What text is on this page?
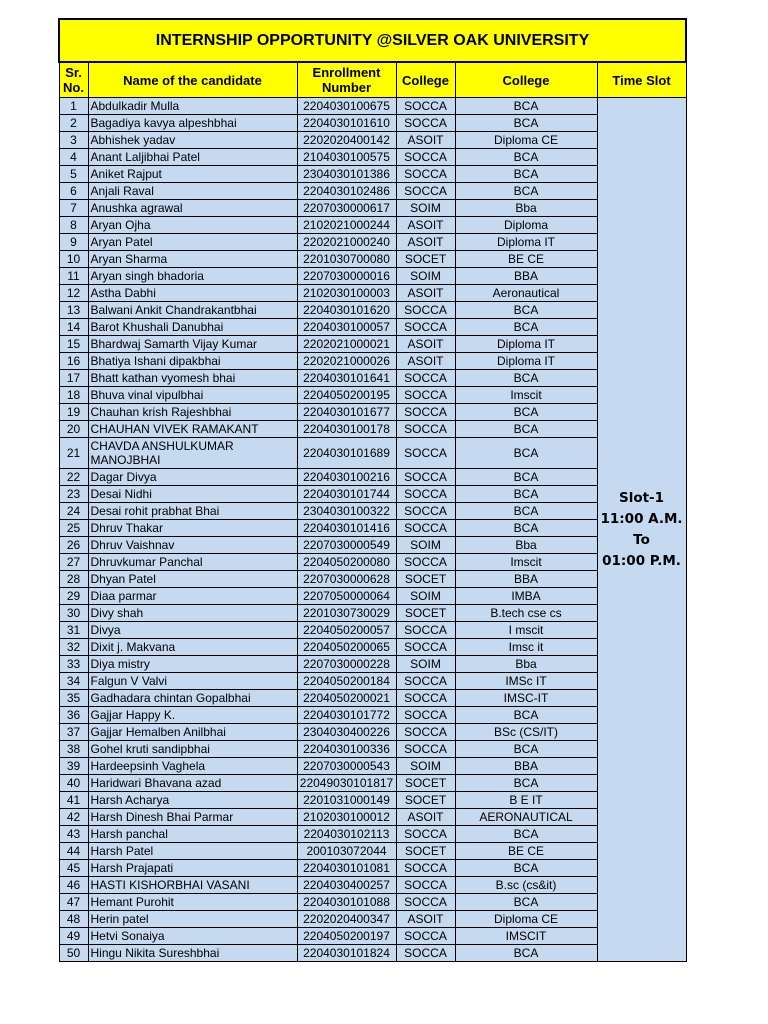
INTERNSHIP OPPORTUNITY @SILVER OAK UNIVERSITY					
Sr. No.	Name of the candidate	Enrollment Number	College	College	Time Slot
1	Abdulkadir Mulla	2204030100675	SOCCA	BCA	Slot-1
11:00 A.M.
To
01:00 P.M.

2	Bagadiya kavya alpeshbhai	2204030101610	SOCCA	BCA	
3	Abhishek yadav	2202020400142	ASOIT	Diploma CE	
4	Anant Laljibhai Patel	2104030100575	SOCCA	BCA	
5	Aniket Rajput	2304030101386	SOCCA	BCA	
6	Anjali Raval	2204030102486	SOCCA	BCA	
7	Anushka agrawal	2207030000617	SOIM	Bba	
8	Aryan Ojha	2102021000244	ASOIT	Diploma	
9	Aryan Patel	2202021000240	ASOIT	Diploma IT	
10	Aryan Sharma	2201030700080	SOCET	BE CE	
11	Aryan singh bhadoria	2207030000016	SOIM	BBA	
12	Astha Dabhi	2102030100003	ASOIT	Aeronautical	
13	Balwani Ankit Chandrakantbhai	2204030101620	SOCCA	BCA	
14	Barot Khushali Danubhai	2204030100057	SOCCA	BCA	
15	Bhardwaj Samarth Vijay Kumar	2202021000021	ASOIT	Diploma IT	
16	Bhatiya Ishani dipakbhai	2202021000026	ASOIT	Diploma IT	
17	Bhatt kathan vyomesh bhai	2204030101641	SOCCA	BCA	
18	Bhuva vinal vipulbhai	2204050200195	SOCCA	Imscit	
19	Chauhan krish Rajeshbhai	2204030101677	SOCCA	BCA	
20	CHAUHAN VIVEK RAMAKANT	2204030100178	SOCCA	BCA	
21	CHAVDA ANSHULKUMAR MANOJBHAI	2204030101689	SOCCA	BCA	
22	Dagar Divya	2204030100216	SOCCA	BCA	
23	Desai Nidhi	2204030101744	SOCCA	BCA	
24	Desai rohit prabhat Bhai	2304030100322	SOCCA	BCA	
25	Dhruv Thakar	2204030101416	SOCCA	BCA	
26	Dhruv Vaishnav	2207030000549	SOIM	Bba	
27	Dhruvkumar Panchal	2204050200080	SOCCA	Imscit	
28	Dhyan Patel	2207030000628	SOCET	BBA	
29	Diaa parmar	2207050000064	SOIM	IMBA	
30	Divy shah	2201030730029	SOCET	B.tech cse cs	
31	Divya	2204050200057	SOCCA	I mscit	
32	Dixit j. Makvana	2204050200065	SOCCA	Imsc it	
33	Diya mistry	2207030000228	SOIM	Bba	
34	Falgun V Valvi	2204050200184	SOCCA	IMSc IT	
35	Gadhadara chintan Gopalbhai	2204050200021	SOCCA	IMSC-IT	
36	Gajjar Happy K.	2204030101772	SOCCA	BCA	
37	Gajjar Hemalben Anilbhai	2304030400226	SOCCA	BSc (CS/IT)	
38	Gohel kruti sandipbhai	2204030100336	SOCCA	BCA	
39	Hardeepsinh Vaghela	2207030000543	SOIM	BBA	
40	Haridwari Bhavana azad	22049030101817	SOCET	BCA	
41	Harsh Acharya	2201031000149	SOCET	B E IT	
42	Harsh Dinesh Bhai Parmar	2102030100012	ASOIT	AERONAUTICAL	
43	Harsh panchal	2204030102113	SOCCA	BCA	
44	Harsh Patel	200103072044	SOCET	BE CE	
45	Harsh Prajapati	2204030101081	SOCCA	BCA	
46	HASTI KISHORBHAI VASANI	2204030400257	SOCCA	B.sc (cs&it)	
47	Hemant Purohit	2204030101088	SOCCA	BCA	
48	Herin patel	2202020400347	ASOIT	Diploma CE	
49	Hetvi Sonaiya	2204050200197	SOCCA	IMSCIT	
50	Hingu Nikita Sureshbhai	2204030101824	SOCCA	BCA	
